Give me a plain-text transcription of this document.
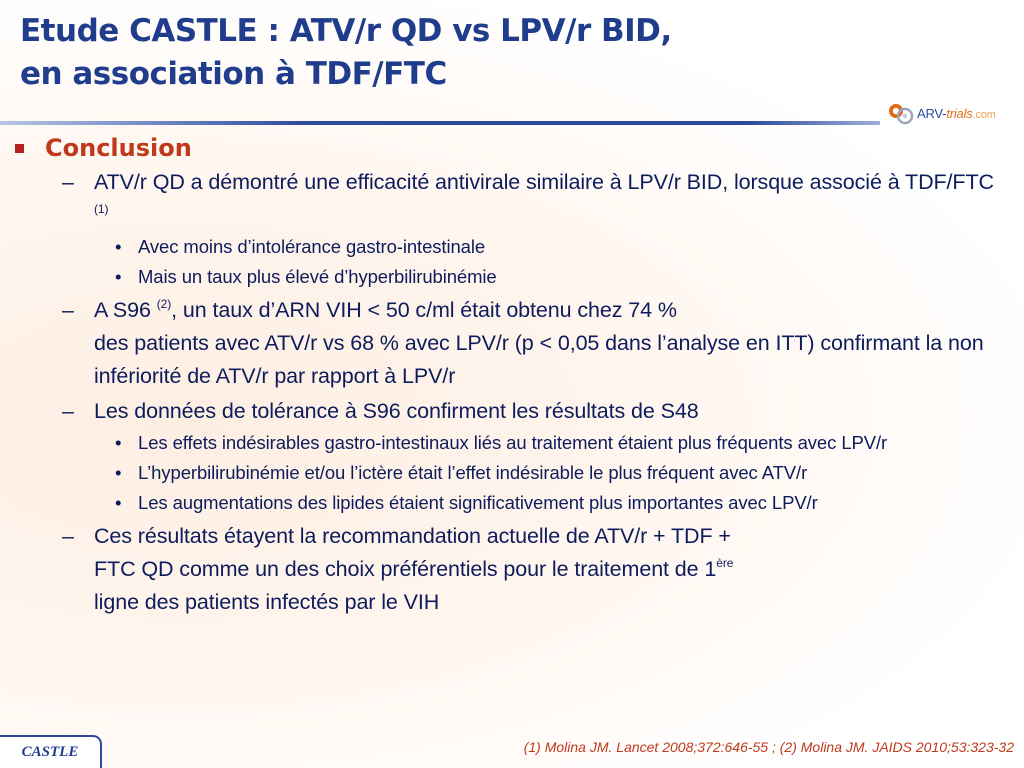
Etude CASTLE : ATV/r QD vs LPV/r BID,
en association à TDF/FTC
ARV-trials.com
Conclusion
– ATV/r QD a démontré une efficacité antivirale similaire à LPV/r BID, lorsque associé à TDF/FTC $^{(1)}$
• Avec moins d’intolérance gastro-intestinale
• Mais un taux plus élevé d’hyperbilirubinémie
– A S96 $^{(2)}$, un taux d’ARN VIH < 50 c/ml était obtenu chez 74 %
des patients avec ATV/r vs 68 % avec LPV/r (p < 0,05 dans l’analyse en ITT) confirmant la non infériorité de ATV/r par rapport à LPV/r
– Les données de tolérance à S96 confirment les résultats de S48
• Les effets indésirables gastro-intestinaux liés au traitement étaient plus fréquents avec LPV/r
• L’hyperbilirubinémie et/ou l’ictère était l’effet indésirable le plus fréquent avec ATV/r
• Les augmentations des lipides étaient significativement plus importantes avec LPV/r
– Ces résultats étayent la recommandation actuelle de ATV/r + TDF +
FTC QD comme un des choix préférentiels pour le traitement de 1ère
ligne des patients infectés par le VIH
CASTLE	(1) Molina JM. Lancet 2008;372:646-55 ; (2) Molina JM. JAIDS 2010;53:323-32
